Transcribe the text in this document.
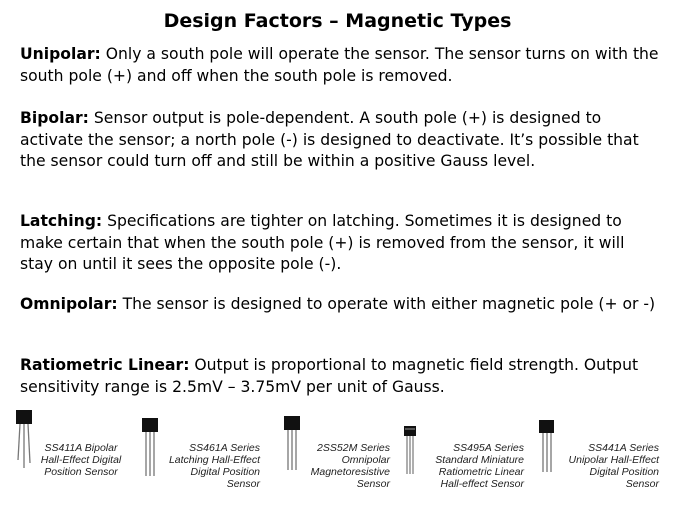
Design Factors – Magnetic Types
Unipolar: Only a south pole will operate the sensor. The sensor turns on with the south pole (+) and off when the south pole is removed.
Bipolar: Sensor output is pole-dependent. A south pole (+) is designed to activate the sensor; a north pole (-) is designed to deactivate. It’s possible that the sensor could turn off and still be within a positive Gauss level.
Latching: Specifications are tighter on latching. Sometimes it is designed to make certain that when the south pole (+) is removed from the sensor, it will stay on until it sees the opposite pole (-).
Omnipolar: The sensor is designed to operate with either magnetic pole (+ or -)
Ratiometric Linear: Output is proportional to magnetic field strength. Output sensitivity range is 2.5mV – 3.75mV per unit of Gauss.
SS411A Bipolar
Hall-Effect Digital
Position Sensor
SS461A Series
Latching Hall-Effect
Digital Position
Sensor
2SS52M Series
Omnipolar
Magnetoresistive
Sensor
SS495A Series
Standard Miniature
Ratiometric Linear
Hall-effect Sensor
SS441A Series
Unipolar Hall-Effect
Digital Position
Sensor
